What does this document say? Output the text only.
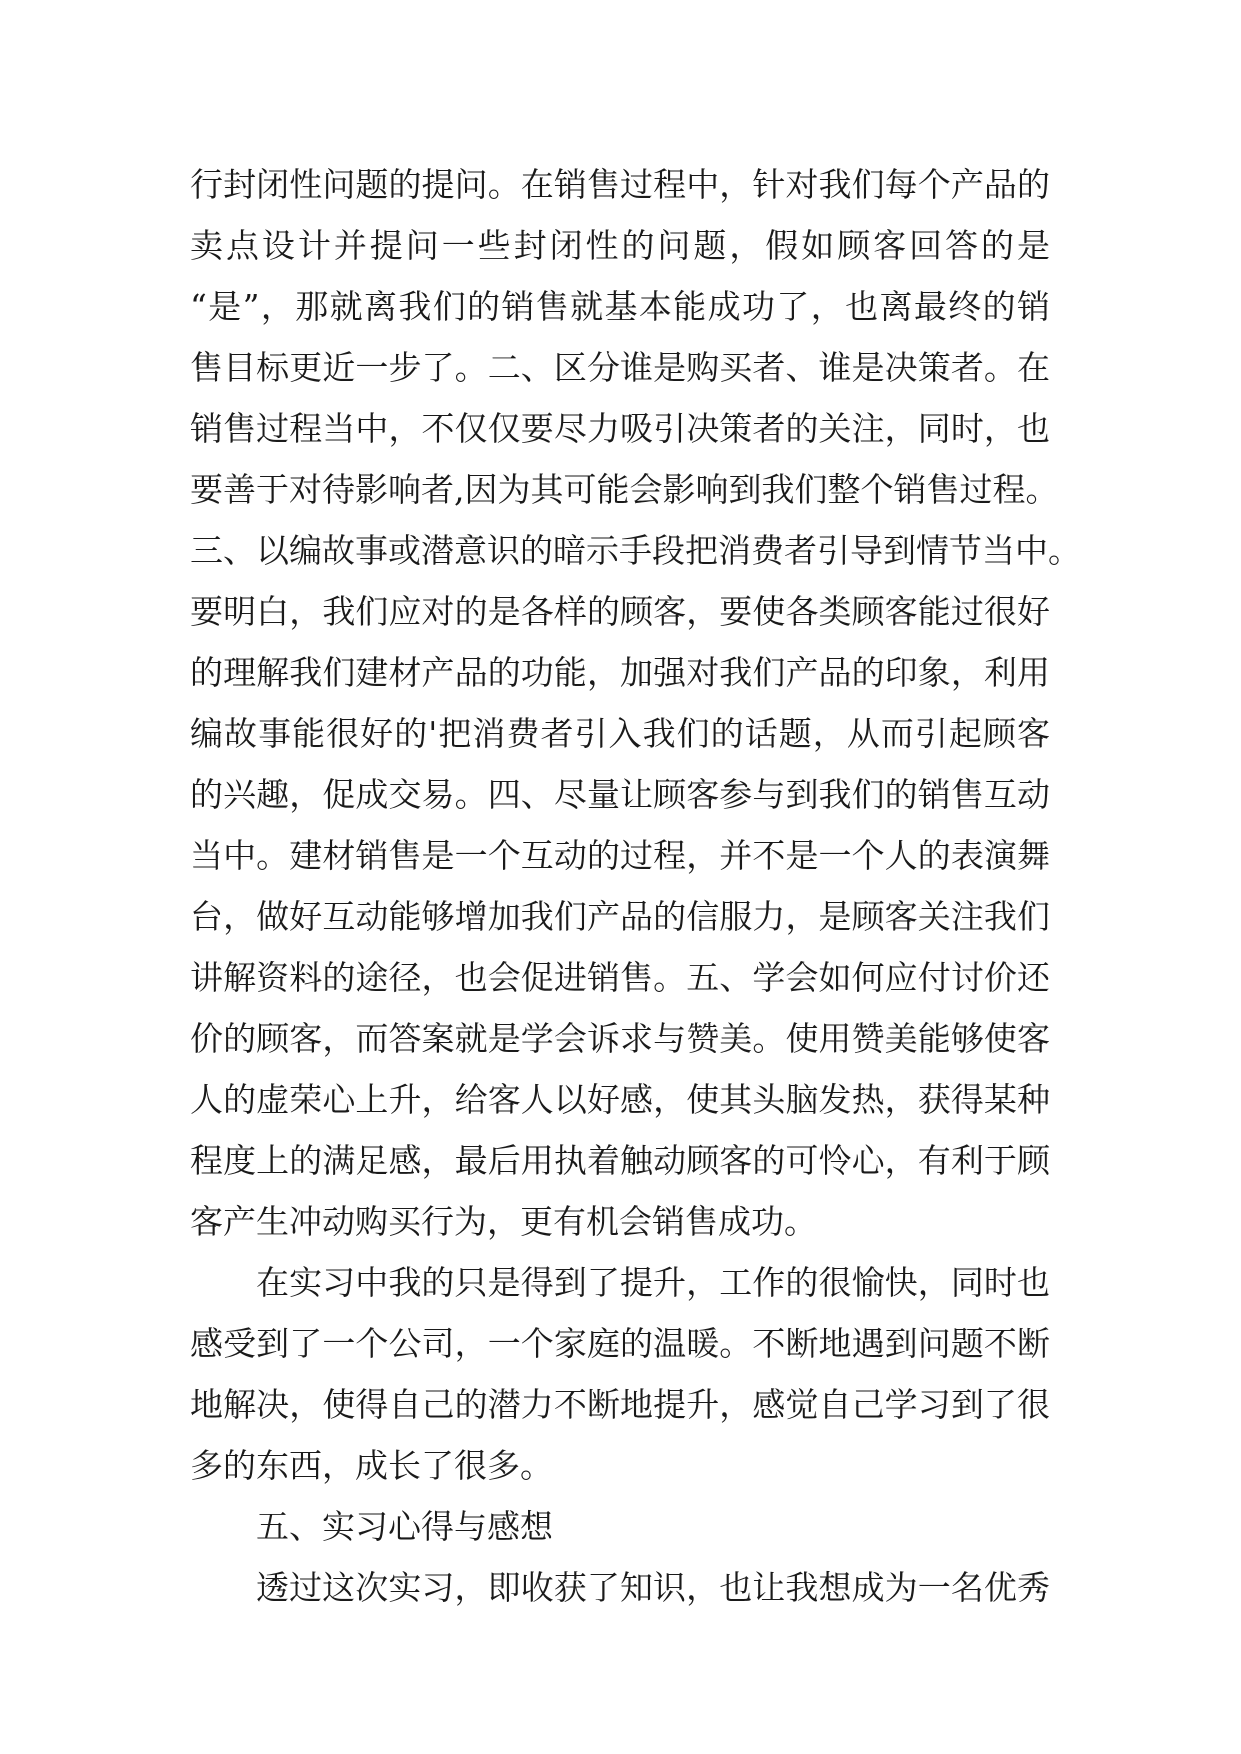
行封闭性问题的提问。在销售过程中，针对我们每个产品的
卖点设计并提问一些封闭性的问题，假如顾客回答的是
“是”，那就离我们的销售就基本能成功了，也离最终的销
售目标更近一步了。二、区分谁是购买者、谁是决策者。在
销售过程当中，不仅仅要尽力吸引决策者的关注，同时，也
要善于对待影响者,因为其可能会影响到我们整个销售过程。
三、以编故事或潜意识的暗示手段把消费者引导到情节当中。
要明白，我们应对的是各样的顾客，要使各类顾客能过很好
的理解我们建材产品的功能，加强对我们产品的印象，利用
编故事能很好的'把消费者引入我们的话题，从而引起顾客
的兴趣，促成交易。四、尽量让顾客参与到我们的销售互动
当中。建材销售是一个互动的过程，并不是一个人的表演舞
台，做好互动能够增加我们产品的信服力，是顾客关注我们
讲解资料的途径，也会促进销售。五、学会如何应付讨价还
价的顾客，而答案就是学会诉求与赞美。使用赞美能够使客
人的虚荣心上升，给客人以好感，使其头脑发热，获得某种
程度上的满足感，最后用执着触动顾客的可怜心，有利于顾
客产生冲动购买行为，更有机会销售成功。
在实习中我的只是得到了提升，工作的很愉快，同时也
感受到了一个公司，一个家庭的温暖。不断地遇到问题不断
地解决，使得自己的潜力不断地提升，感觉自己学习到了很
多的东西，成长了很多。
五、实习心得与感想
透过这次实习，即收获了知识，也让我想成为一名优秀
